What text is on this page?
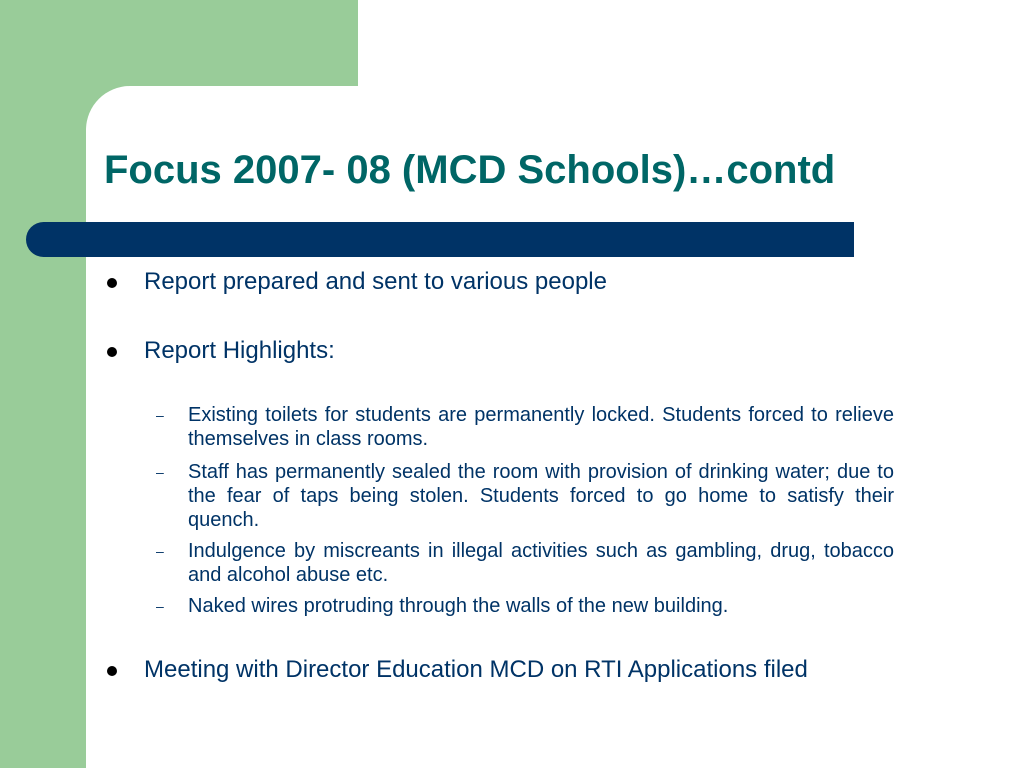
Focus 2007- 08 (MCD Schools)…contd
Report prepared and sent to various people
Report Highlights:
– Existing toilets for students are permanently locked. Students forced to relieve themselves in class rooms.
– Staff has permanently sealed the room with provision of drinking water; due to the fear of taps being stolen. Students forced to go home to satisfy their quench.
– Indulgence by miscreants in illegal activities such as gambling, drug, tobacco and alcohol abuse etc.
– Naked wires protruding through the walls of the new building.
Meeting with Director Education MCD on RTI Applications filed
